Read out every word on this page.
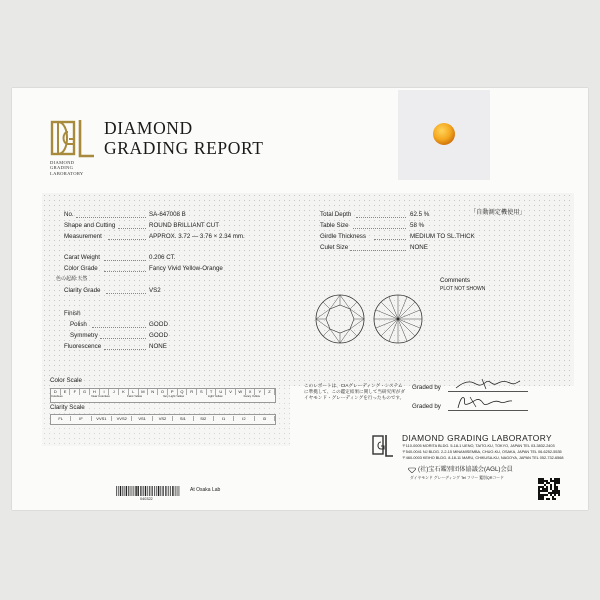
DIAMOND
GRADING
LABORATORY
DIAMOND
GRADING REPORT
No.	SA-647008 B
Shape and Cutting	ROUND BRILLIANT CUT
Measurement	APPROX. 3.72 ― 3.76 × 2.34 mm.
Carat Weight	0.206 CT.
Color Grade	Fancy Vivid Yellow-Orange
色の起源:天然
Clarity Grade	VS2
Finish
Polish	GOOD
Symmetry	GOOD
Fluorescence	NONE
Total Depth	62.5 %	「自動測定機使用」
Table Size	58 %
Girdle Thickness	MEDIUM TO SL.THICK
Culet Size	NONE
Comments
PLOT NOT SHOWN
Color Scale
D	E	F	G	H	I	J	K	L	M	N	O	P	Q	R	S	T	U	V	W	X	Y	Z
Colorless	Near Colorless	Faint Yellow	Very Light Yellow	Light Yellow	Fancy Yellow
Clarity Scale
FL	IF	VVS1	VVS2	VS1	VS2	SI1	SI2	I1	I2	I3
このレポートは、CIAグレーディング・システムに準拠して、この鑑定結果に関して当研究所がダイヤモンド・グレーディングを行ったものです。
Graded by
Graded by
DIAMOND GRADING LABORATORY
〒110-0005 MORITA BLDG. 5-18-1 UENO, TAITO-KU, TOKYO, JAPAN TEL 03-3832-2403
〒540-0041 NJ BLDG. 2-2-15 MINAMISEMBA, CHUO-KU, OSAKA, JAPAN TEL 06-6252-5535
〒460-0003 KEIHO BLDG. 8-18-11 MARU, CHIKUSA-KU, NAGOYA, JAPAN TEL 052-732-6568
(社)宝石鑑別団体協議会(AGL)会員
ダイヤモンド グレーディング Tel フリー 鑑別QRコード
040322
At Osaka Lab
